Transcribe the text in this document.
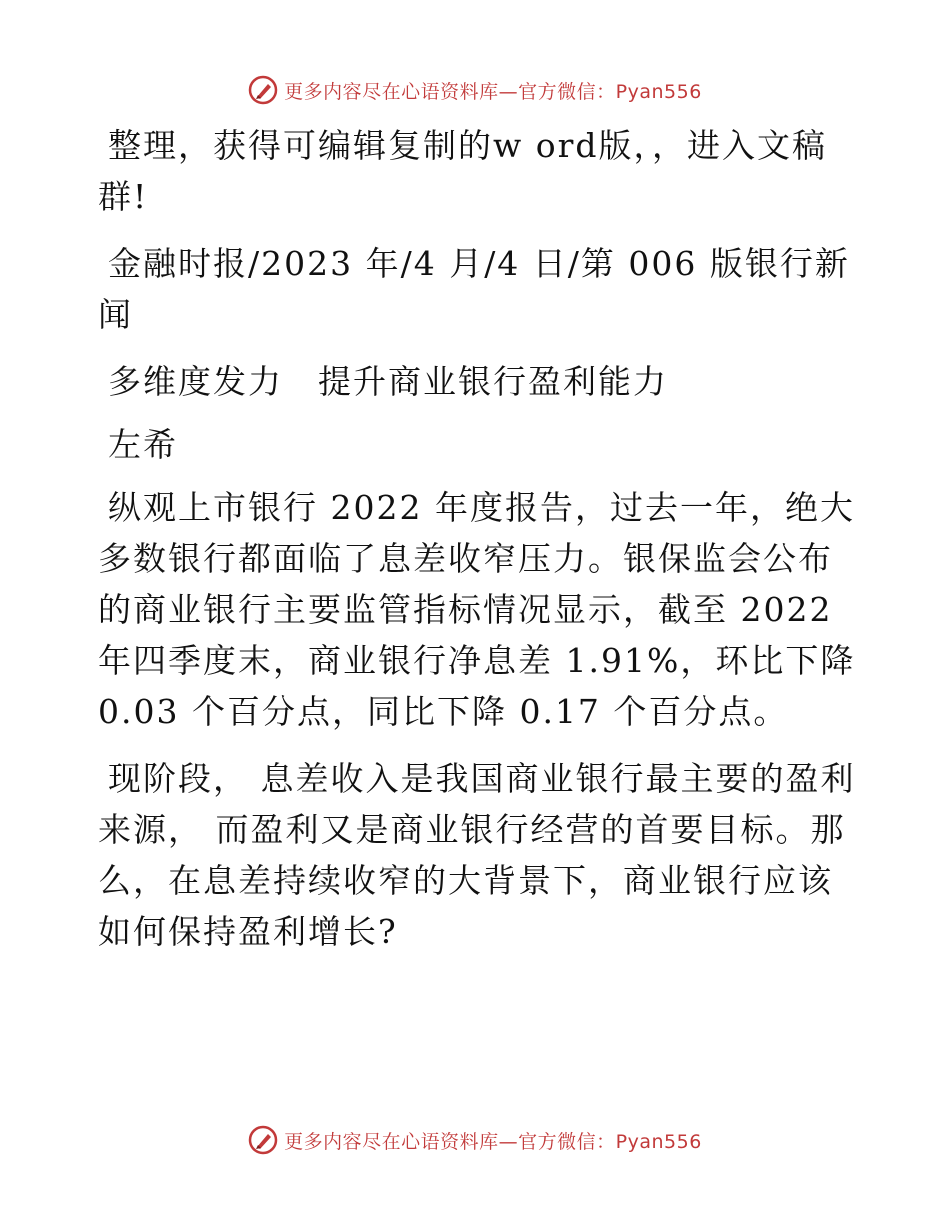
更多内容尽在心语资料库—官方微信：Pyan556

整理，获得可编辑复制的w ord版，，进入文稿群!

金融时报/2023 年/4 月/4 日/第 006 版银行新闻

多维度发力　提升商业银行盈利能力

左希

纵观上市银行 2022 年度报告，过去一年，绝大多数银行都面临了息差收窄压力。银保监会公布的商业银行主要监管指标情况显示，截至 2022 年四季度末，商业银行净息差 1.91%，环比下降 0.03 个百分点，同比下降 0.17 个百分点。

现阶段， 息差收入是我国商业银行最主要的盈利来源， 而盈利又是商业银行经营的首要目标。那么，在息差持续收窄的大背景下，商业银行应该如何保持盈利增长?

更多内容尽在心语资料库—官方微信：Pyan556
